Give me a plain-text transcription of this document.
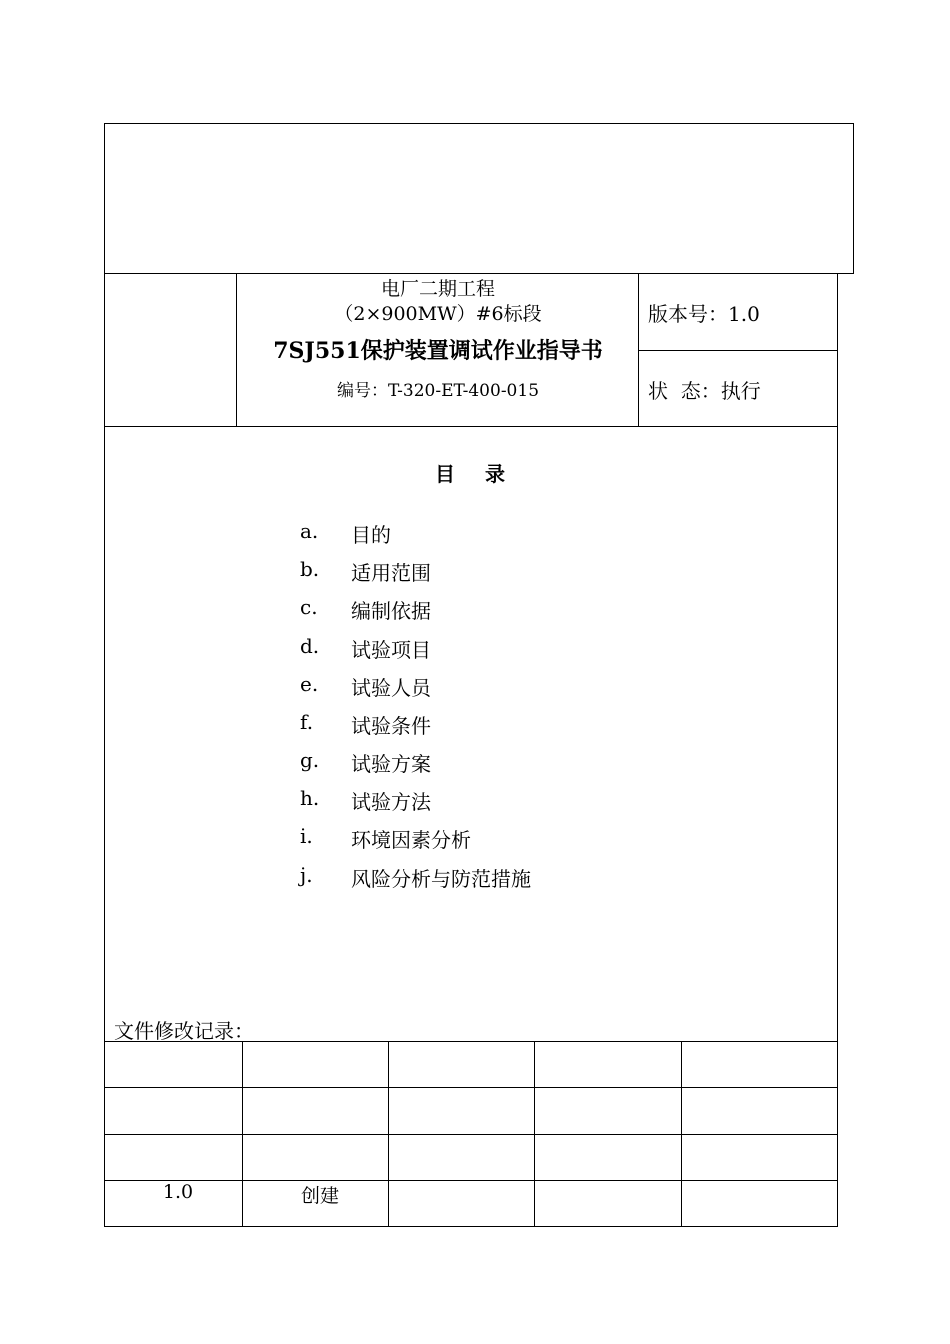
电厂二期工程
（2×900MW）#6标段
7SJ551保护装置调试作业指导书
编号：T-320-ET-400-015
版本号：1.0
状  态：执行
目 录
a.	目的
b.	适用范围
c.	编制依据
d.	试验项目
e.	试验人员
f.	试验条件
g.	试验方案
h.	试验方法
i.	环境因素分析
j.	风险分析与防范措施
文件修改记录：
1.0	创建
